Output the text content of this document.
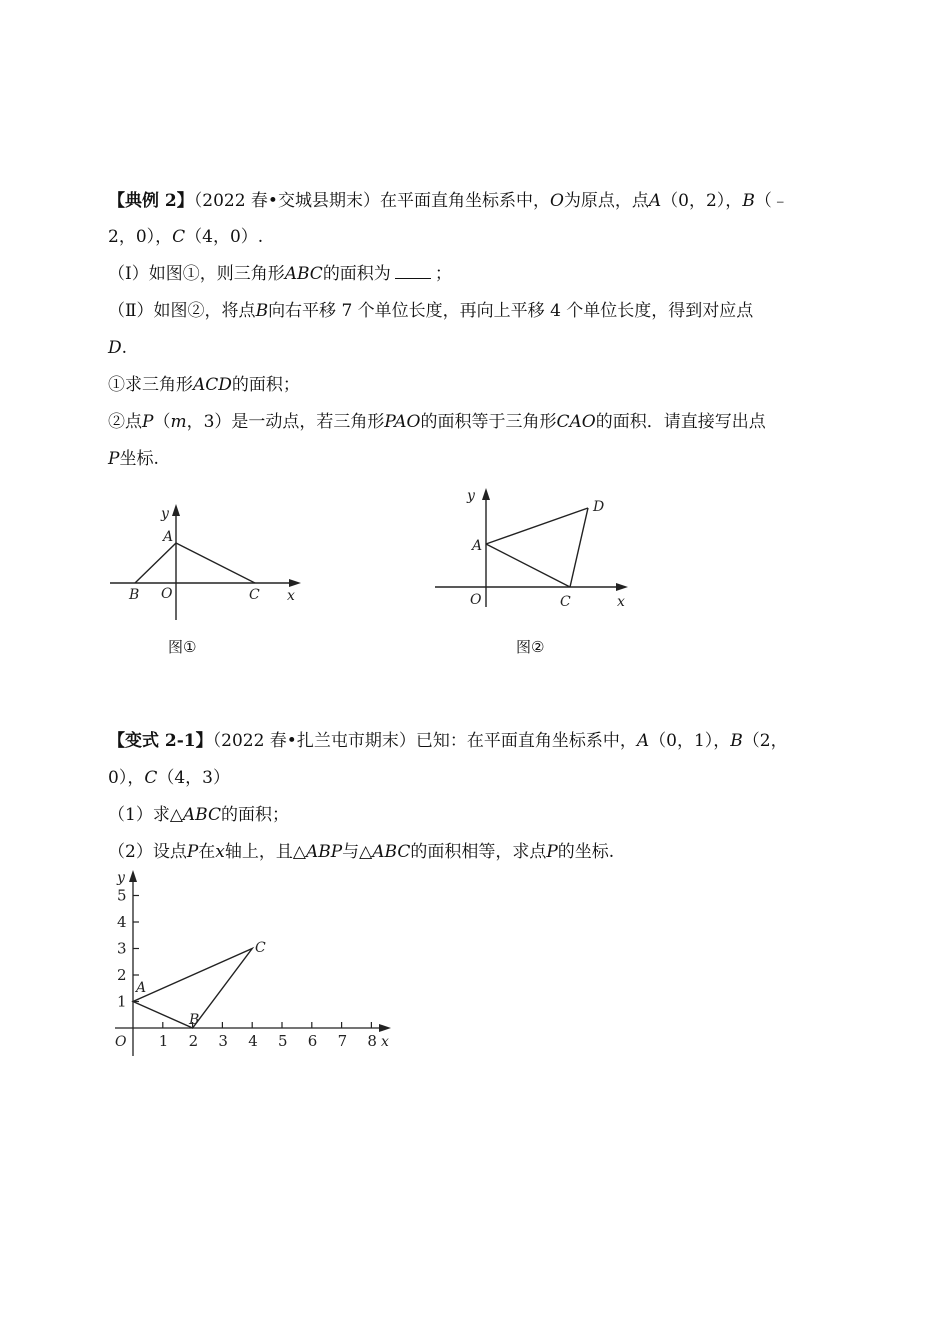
【典例 2】（2022 春•交城县期末）在平面直角坐标系中，O为原点，点A（0，2），B（﹣
2，0），C（4，0）.
（Ⅰ）如图①，则三角形ABC的面积为	；
（Ⅱ）如图②，将点B向右平移 7 个单位长度，再向上平移 4 个单位长度，得到对应点
D.
①求三角形ACD的面积；
②点P（m，3）是一动点，若三角形PAO的面积等于三角形CAO的面积．请直接写出点
P坐标.
y
A
B O	C x
图①
y
A
D
O	C	x
图②
【变式 2-1】（2022 春•扎兰屯市期末）已知：在平面直角坐标系中，A（0，1），B（2，
0），C（4，3）
（1）求△ABC的面积；
（2）设点P在x轴上，且△ABP与△ABC的面积相等，求点P的坐标.
1 2 3 4 5 6 7 8
1
2
3
4
5
y
x
O
A
B
C
